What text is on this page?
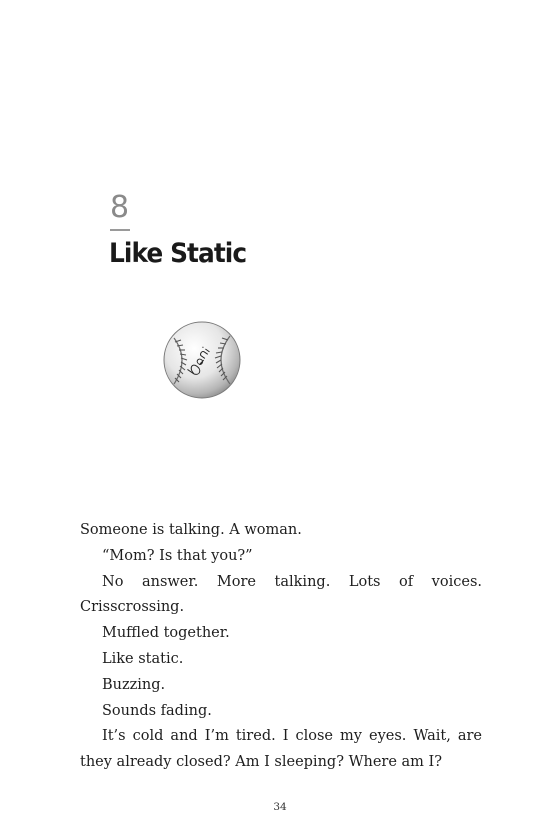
8
Like Static

Someone is talking. A woman.

“Mom? Is that you?”

No answer. More talking. Lots of voices. Crisscrossing.

Muffled together.

Like static.

Buzzing.

Sounds fading.

It’s cold and I’m tired. I close my eyes. Wait, are they already closed? Am I sleeping? Where am I?

34
